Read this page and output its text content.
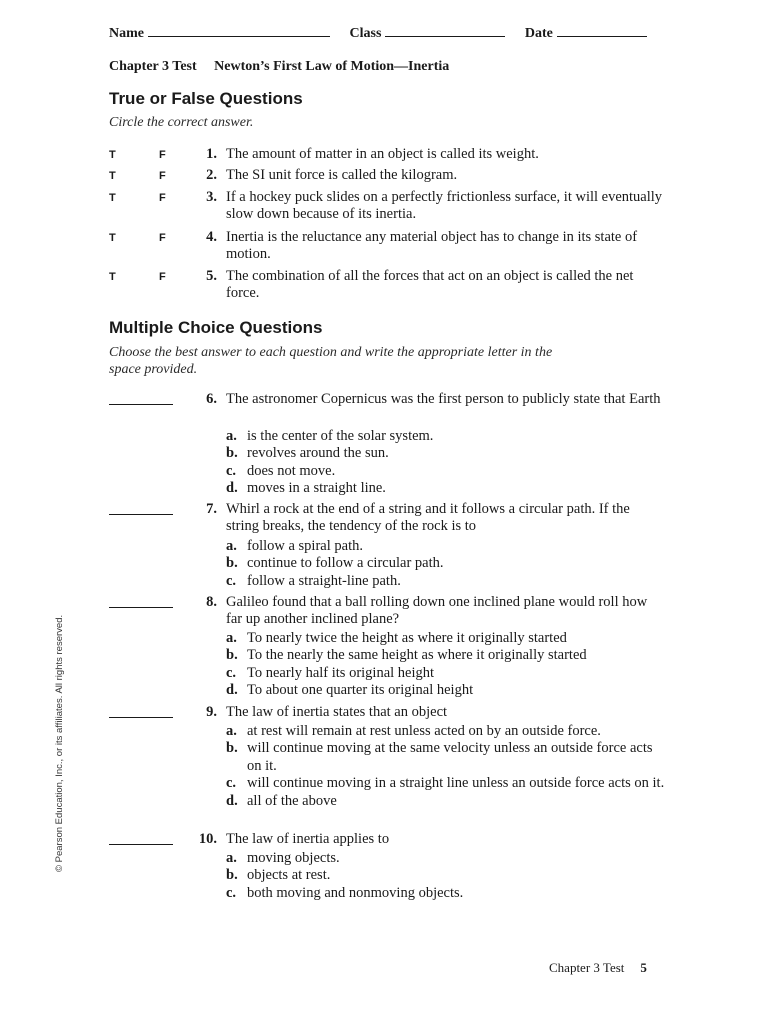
Name	Class	Date
Chapter 3 Test Newton’s First Law of Motion—Inertia
True or False Questions
Circle the correct answer.
T	F	1. The amount of matter in an object is called its weight.
T	F	2. The SI unit force is called the kilogram.
T	F	3. If a hockey puck slides on a perfectly frictionless surface, it will eventually slow down because of its inertia.
T	F	4. Inertia is the reluctance any material object has to change in its state of motion.
T	F	5. The combination of all the forces that act on an object is called the net force.
Multiple Choice Questions
Choose the best answer to each question and write the appropriate letter in the space provided.
6. The astronomer Copernicus was the first person to publicly state that Earth
a. is the center of the solar system.
b. revolves around the sun.
c. does not move.
d. moves in a straight line.
7. Whirl a rock at the end of a string and it follows a circular path. If the string breaks, the tendency of the rock is to
a. follow a spiral path.
b. continue to follow a circular path.
c. follow a straight-line path.
8. Galileo found that a ball rolling down one inclined plane would roll how far up another inclined plane?
a. To nearly twice the height as where it originally started
b. To the nearly the same height as where it originally started
c. To nearly half its original height
d. To about one quarter its original height
9. The law of inertia states that an object
a. at rest will remain at rest unless acted on by an outside force.
b. will continue moving at the same velocity unless an outside force acts on it.
c. will continue moving in a straight line unless an outside force acts on it.
d. all of the above
10. The law of inertia applies to
a. moving objects.
b. objects at rest.
c. both moving and nonmoving objects.
© Pearson Education, Inc., or its affiliates. All rights reserved.
Chapter 3 Test 5
